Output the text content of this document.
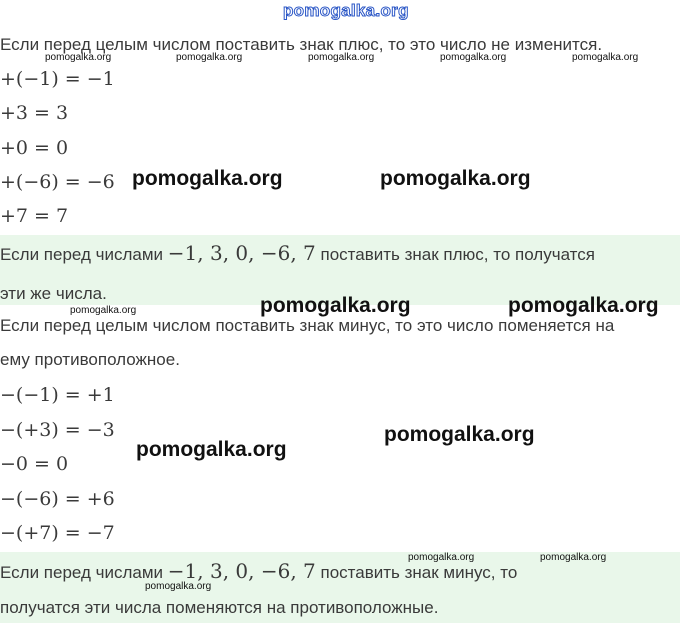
pomogalka.org
Если перед целым числом поставить знак плюс, то это число не изменится.
pomogalka.org	pomogalka.org	pomogalka.org	pomogalka.org	pomogalka.org
+(−1) = −1
+3 = 3
+0 = 0
+(−6) = −6
+7 = 7
pomogalka.org	pomogalka.org
Если перед числами −1, 3, 0, −6, 7 поставить знак плюс, то получатся
эти же числа.
pomogalka.org	pomogalka.org	pomogalka.org
Если перед целым числом поставить знак минус, то это число поменяется на
ему противоположное.
−(−1) = +1
−(+3) = −3
−0 = 0
−(−6) = +6
−(+7) = −7
pomogalka.org
pomogalka.org
pomogalka.org	pomogalka.org
Если перед числами −1, 3, 0, −6, 7 поставить знак минус, то
pomogalka.org
получатся эти числа поменяются на противоположные.
